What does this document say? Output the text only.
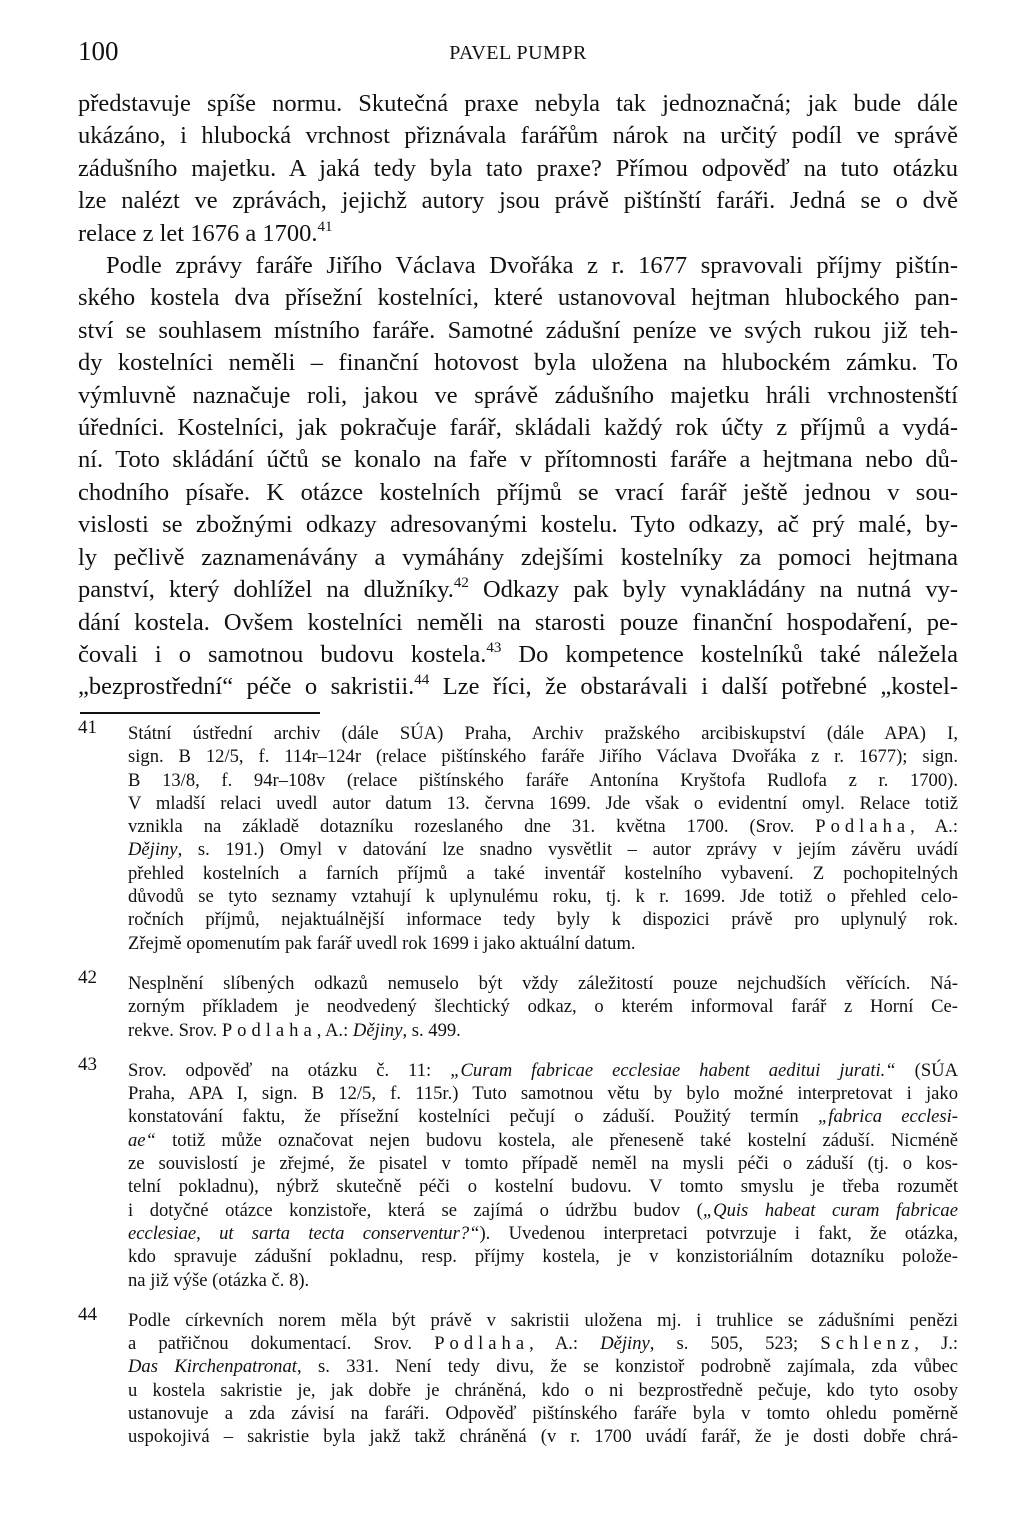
100	PAVEL PUMPR
představuje spíše normu. Skutečná praxe nebyla tak jednoznačná; jak bude dále
ukázáno, i hlubocká vrchnost přiznávala farářům nárok na určitý podíl ve správě
zádušního majetku. A jaká tedy byla tato praxe? Přímou odpověď na tuto otázku
lze nalézt ve zprávách, jejichž autory jsou právě pištínští faráři. Jedná se o dvě
relace z let 1676 a 1700.41
Podle zprávy faráře Jiřího Václava Dvořáka z r. 1677 spravovali příjmy pištín-
ského kostela dva přísežní kostelníci, které ustanovoval hejtman hlubockého pan-
ství se souhlasem místního faráře. Samotné zádušní peníze ve svých rukou již teh-
dy kostelníci neměli – finanční hotovost byla uložena na hlubockém zámku. To
výmluvně naznačuje roli, jakou ve správě zádušního majetku hráli vrchnostenští
úředníci. Kostelníci, jak pokračuje farář, skládali každý rok účty z příjmů a vydá-
ní. Toto skládání účtů se konalo na faře v přítomnosti faráře a hejtmana nebo dů-
chodního písaře. K otázce kostelních příjmů se vrací farář ještě jednou v sou-
vislosti se zbožnými odkazy adresovanými kostelu. Tyto odkazy, ač prý malé, by-
ly pečlivě zaznamenávány a vymáhány zdejšími kostelníky za pomoci hejtmana
panství, který dohlížel na dlužníky.$^{42}$ Odkazy pak byly vynakládány na nutná vy-
dání kostela. Ovšem kostelníci neměli na starosti pouze finanční hospodaření, pe-
čovali i o samotnou budovu kostela.$^{43}$ Do kompetence kostelníků také náležela
„bezprostřední“ péče o sakristii.$^{44}$ Lze říci, že obstarávali i další potřebné „kostel-
41 Státní ústřední archiv (dále SÚA) Praha, Archiv pražského arcibiskupství (dále APA) I,
sign. B 12/5, f. 114r–124r (relace pištínského faráře Jiřího Václava Dvořáka z r. 1677); sign.
B 13/8, f. 94r–108v (relace pištínského faráře Antonína Kryštofa Rudlofa z r. 1700).
V mladší relaci uvedl autor datum 13. června 1699. Jde však o evidentní omyl. Relace totiž
vznikla na základě dotazníku rozeslaného dne 31. května 1700. (Srov. Podlaha, A.:
Dějiny, s. 191.) Omyl v datování lze snadno vysvětlit – autor zprávy v jejím závěru uvádí
přehled kostelních a farních příjmů a také inventář kostelního vybavení. Z pochopitelných
důvodů se tyto seznamy vztahují k uplynulému roku, tj. k r. 1699. Jde totiž o přehled celo-
ročních příjmů, nejaktuálnější informace tedy byly k dispozici právě pro uplynulý rok.
Zřejmě opomenutím pak farář uvedl rok 1699 i jako aktuální datum.
42 Nesplnění slíbených odkazů nemuselo být vždy záležitostí pouze nejchudších věřících. Ná-
zorným příkladem je neodvedený šlechtický odkaz, o kterém informoval farář z Horní Ce-
rekve. Srov. Podlaha, A.: Dějiny, s. 499.
43 Srov. odpověď na otázku č. 11: „Curam fabricae ecclesiae habent aeditui jurati.“ (SÚA
Praha, APA I, sign. B 12/5, f. 115r.) Tuto samotnou větu by bylo možné interpretovat i jako
konstatování faktu, že přísežní kostelníci pečují o záduší. Použitý termín „fabrica ecclesi-
ae“ totiž může označovat nejen budovu kostela, ale přeneseně také kostelní záduší. Nicméně
ze souvislostí je zřejmé, že pisatel v tomto případě neměl na mysli péči o záduší (tj. o kos-
telní pokladnu), nýbrž skutečně péči o kostelní budovu. V tomto smyslu je třeba rozumět
i dotyčné otázce konzistoře, která se zajímá o údržbu budov („Quis habeat curam fabricae
ecclesiae, ut sarta tecta conserventur?“). Uvedenou interpretaci potvrzuje i fakt, že otázka,
kdo spravuje zádušní pokladnu, resp. příjmy kostela, je v konzistoriálním dotazníku polože-
na již výše (otázka č. 8).
44 Podle církevních norem měla být právě v sakristii uložena mj. i truhlice se zádušními penězi
a patřičnou dokumentací. Srov. Podlaha, A.: Dějiny, s. 505, 523; Schlenz, J.:
Das Kirchenpatronat, s. 331. Není tedy divu, že se konzistoř podrobně zajímala, zda vůbec
u kostela sakristie je, jak dobře je chráněná, kdo o ni bezprostředně pečuje, kdo tyto osoby
ustanovuje a zda závisí na faráři. Odpověď pištínského faráře byla v tomto ohledu poměrně
uspokojivá – sakristie byla jakž takž chráněná (v r. 1700 uvádí farář, že je dosti dobře chrá-
